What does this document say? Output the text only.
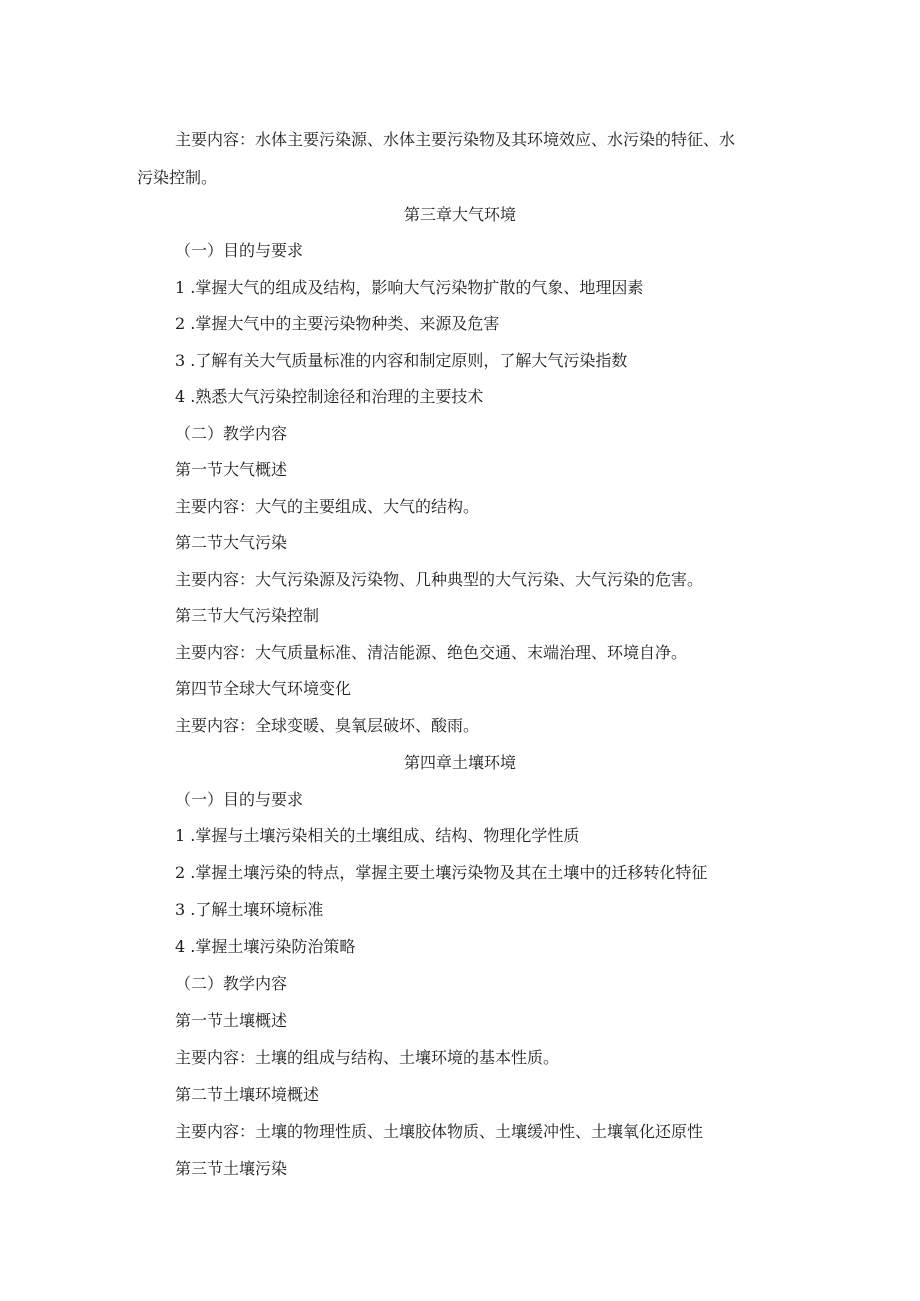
主要内容：水体主要污染源、水体主要污染物及其环境效应、水污染的特征、水
污染控制。
第三章大气环境
（一）目的与要求
1 .掌握大气的组成及结构，影响大气污染物扩散的气象、地理因素
2 .掌握大气中的主要污染物种类、来源及危害
3 .了解有关大气质量标准的内容和制定原则，了解大气污染指数
4 .熟悉大气污染控制途径和治理的主要技术
（二）教学内容
第一节大气概述
主要内容：大气的主要组成、大气的结构。
第二节大气污染
主要内容：大气污染源及污染物、几种典型的大气污染、大气污染的危害。
第三节大气污染控制
主要内容：大气质量标准、清洁能源、绝色交通、末端治理、环境自净。
第四节全球大气环境变化
主要内容：全球变暖、臭氧层破坏、酸雨。
第四章土壤环境
（一）目的与要求
1 .掌握与土壤污染相关的土壤组成、结构、物理化学性质
2 .掌握土壤污染的特点，掌握主要土壤污染物及其在土壤中的迁移转化特征
3 .了解土壤环境标准
4 .掌握土壤污染防治策略
（二）教学内容
第一节土壤概述
主要内容：土壤的组成与结构、土壤环境的基本性质。
第二节土壤环境概述
主要内容：土壤的物理性质、土壤胶体物质、土壤缓冲性、土壤氧化还原性
第三节土壤污染
